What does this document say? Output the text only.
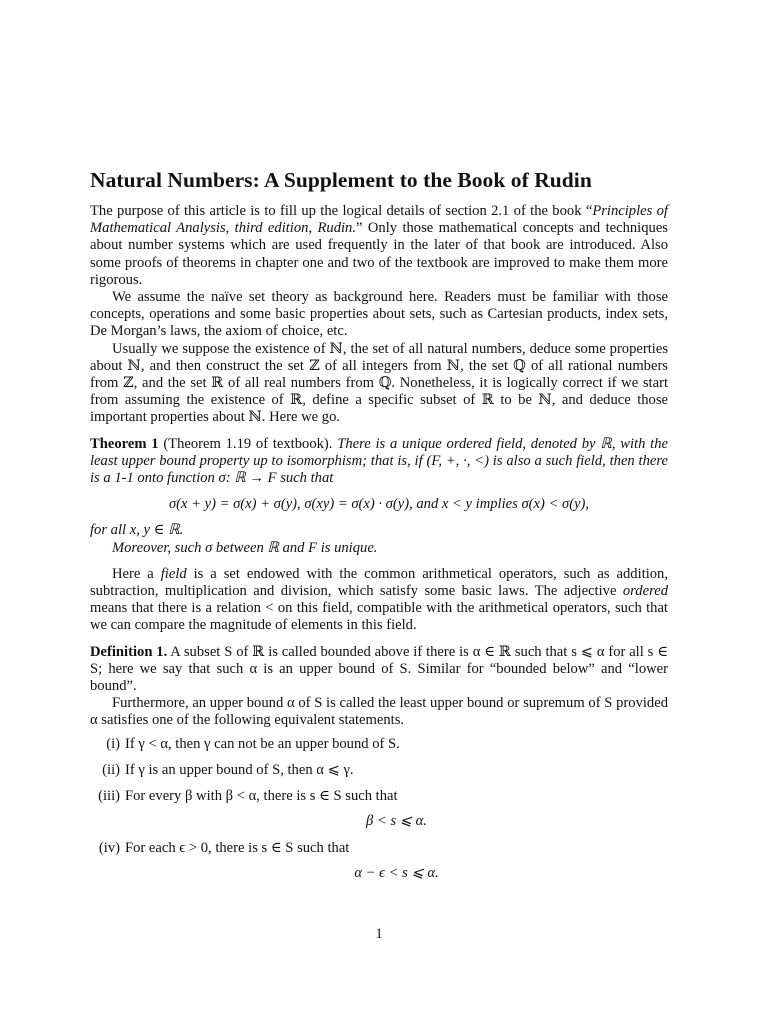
Natural Numbers: A Supplement to the Book of Rudin

The purpose of this article is to fill up the logical details of section 2.1 of the book “Principles of Mathematical Analysis, third edition, Rudin.” Only those mathematical concepts and techniques about number systems which are used frequently in the later of that book are introduced. Also some proofs of theorems in chapter one and two of the textbook are improved to make them more rigorous.

We assume the naïve set theory as background here. Readers must be familiar with those concepts, operations and some basic properties about sets, such as Cartesian products, index sets, De Morgan’s laws, the axiom of choice, etc.

Usually we suppose the existence of ℕ, the set of all natural numbers, deduce some properties about ℕ, and then construct the set ℤ of all integers from ℕ, the set ℚ of all rational numbers from ℤ, and the set ℝ of all real numbers from ℚ. Nonetheless, it is logically correct if we start from assuming the existence of ℝ, define a specific subset of ℝ to be ℕ, and deduce those important properties about ℕ. Here we go.

Theorem 1 (Theorem 1.19 of textbook). There is a unique ordered field, denoted by ℝ, with the least upper bound property up to isomorphism; that is, if (F, +, ·, <) is also a such field, then there is a 1-1 onto function σ: ℝ → F such that

σ(x + y) = σ(x) + σ(y), σ(xy) = σ(x) · σ(y), and x < y implies σ(x) < σ(y),

for all x, y ∈ ℝ.

Moreover, such σ between ℝ and F is unique.

Here a field is a set endowed with the common arithmetical operators, such as addition, subtraction, multiplication and division, which satisfy some basic laws. The adjective ordered means that there is a relation < on this field, compatible with the arithmetical operators, such that we can compare the magnitude of elements in this field.

Definition 1. A subset S of ℝ is called bounded above if there is α ∈ ℝ such that s ⩽ α for all s ∈ S; here we say that such α is an upper bound of S. Similar for “bounded below” and “lower bound”.

Furthermore, an upper bound α of S is called the least upper bound or supremum of S provided α satisfies one of the following equivalent statements.

(i) If γ < α, then γ can not be an upper bound of S.
(ii) If γ is an upper bound of S, then α ⩽ γ.
(iii) For every β with β < α, there is s ∈ S such that
β < s ⩽ α.
(iv) For each ϵ > 0, there is s ∈ S such that
α − ϵ < s ⩽ α.
1
